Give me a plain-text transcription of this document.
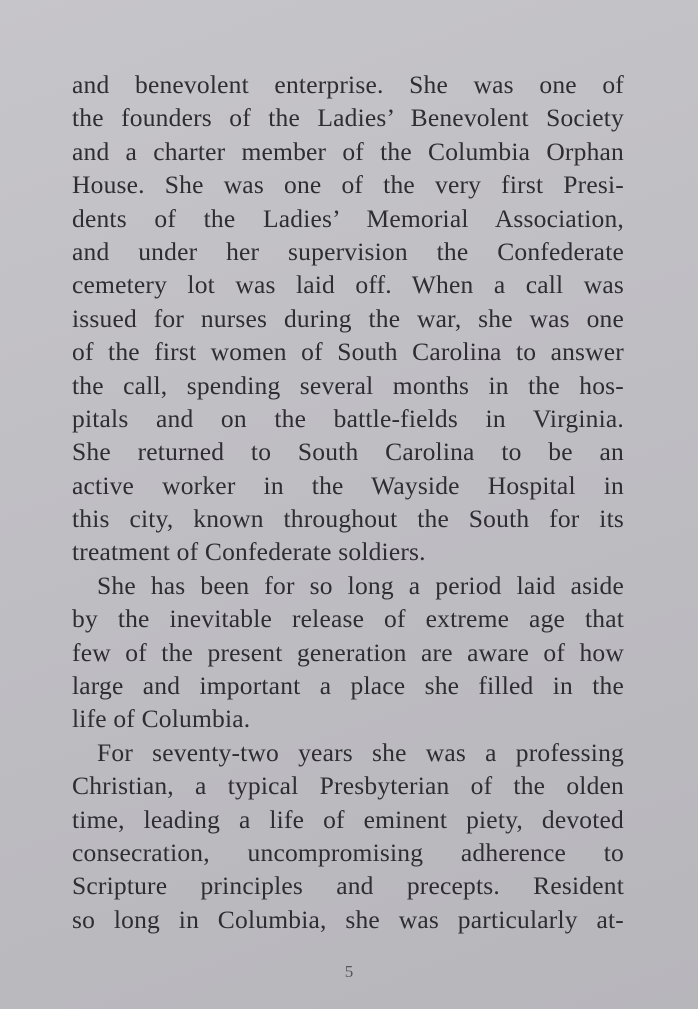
and benevolent enterprise. She was one of
the founders of the Ladies’ Benevolent Society
and a charter member of the Columbia Orphan
House. She was one of the very first Presi-
dents of the Ladies’ Memorial Association,
and under her supervision the Confederate
cemetery lot was laid off. When a call was
issued for nurses during the war, she was one
of the first women of South Carolina to answer
the call, spending several months in the hos-
pitals and on the battle-fields in Virginia.
She returned to South Carolina to be an
active worker in the Wayside Hospital in
this city, known throughout the South for its
treatment of Confederate soldiers.
She has been for so long a period laid aside
by the inevitable release of extreme age that
few of the present generation are aware of how
large and important a place she filled in the
life of Columbia.
For seventy-two years she was a professing
Christian, a typical Presbyterian of the olden
time, leading a life of eminent piety, devoted
consecration, uncompromising adherence to
Scripture principles and precepts. Resident
so long in Columbia, she was particularly at-
5
